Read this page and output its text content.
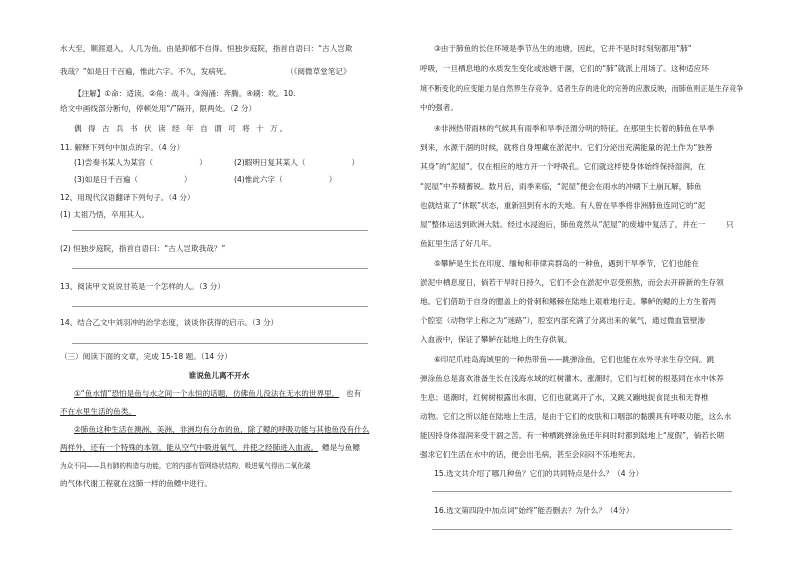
水大至，顺涯退入，人几为鱼。由是抑郁不自得。恒独步庭院，指首自语曰：“古人岂欺
我哉？”如是日千百遍，惟此六字。不久，发病死。	（《阅微草堂笔记》
【注解】①命：适读。②角：战斗。③洶涌：奔腾。④刷：吹。10.
给文中画线部分断句，停顿处用“/”隔开，限两处。（2 分）
偶 得 古 兵 书 伏 读 经 年 自 谓 可 将 十 万。
11. 解释下列句中加点的字。（4 分）
(1)尝奏书某人为某官（	）	(2)暇明日复其某人（	）
(3)如是日千百遍（	）	(4)惟此六字（	）
12、用现代汉语翻译下列句子。（4 分）
(1) 太祖乃悟，卒用其人。
(2) 恒独步庭院，指首自语曰：“古人岂欺我哉？”
13、阅读甲文说说甘英是一个怎样的人。（3 分）
14、结合乙文中刘羽冲的治学态度，谈谈你获得的启示。（3 分）
（三）阅读下面的文章，完成 15-18 题。（14 分）
谁说鱼儿离不开水
①“鱼水情”恐怕是鱼与水之间一个永恒的话题，仿佛鱼儿没法在无水的世界里， 也有
不在水里生活的鱼类。
②肺鱼这种生活在澳洲、美洲、非洲均有分布的鱼，除了鳃的呼吸功能与其他鱼没有什么
两样外，还有一个特殊的本领，能从空气中吸进氧气，并使之经肺进入血液。 鳔是与鱼鳔
为众不同——具有肺的构造与功能，它的内部有管网络状结构，吸进氧气得出二氧化碳
的气体代谢工程就在这肺一样的鱼鳔中进行。
③由于肺鱼的长住环境是季节丛生的池塘，因此，它并不是时时刻刻都用“肺”
呼吸，一旦栖息地的水质发生变化或池塘干涸，它们的“肺”就派上用场了。这种适应环
境不断变化的应变能力是自然界生存竞争、适者生存的进化的完善的应激反映，而肺鱼则正是生存竞争
中的强者。
④非洲热带雨林的气候具有雨季和旱季泾渭分明的特征。在那里生长着的肺鱼在旱季
到来，水源干涸的时候，就将自身埋藏在淤泥中。它们分泌出充满能量的泥土作为“独善
其身”的“泥屋”，仅在相应的地方开一个呼吸孔。它们就这样使身体始终保持湿润，在
“泥屋”中养精蓄锐。数月后，雨季来临，“泥屋”便会在雨水的冲刷下土崩瓦解，肺鱼
也就结束了“休眠”状态，重新回到有水的天地。有人曾在旱季将非洲肺鱼连同它的“泥
屋”整体运送到欧洲大陆。经过水浸泡后，肺鱼竟然从“泥屋”的废墟中复活了，并在一	只
鱼缸里生活了好几年。
⑤攀鲈是生长在印度、缅甸和菲律宾群岛的一种鱼，遇到干旱季节，它们也能在
淤泥中栖息度日，倘若干旱时日持久，它们不会在淤泥中忍受煎熬，而会去开辟新的生存领
地。它们借助于自身的腮盖上的骨刺和鳍棘在陆地上艰难地行走。攀鲈的鳃的上方生着两
个腔室（动物学上称之为“迷路”），腔室内部充满了分离出来的氧气，通过微血管壁渗
入血液中，保证了攀鲈在陆地上的生存供氧。
⑥印尼爪哇岛海域里的一种热带鱼——跳弹涂鱼，它们也能在水外寻求生存空间。跳
弹涂鱼总是喜欢准备生长在浅海水域的红树灌木。涨潮时，它们与红树的根基同在水中休养
生息；退潮时，红树树根露出水面，它们也就离开了水，又跳又蹦地捉食昆虫和无脊椎
动物。它们之所以能在陆地上生活，是由于它们的皮肤和口咽部的黏膜具有呼吸功能，这么水
能因持身体湿润来受干涸之苦。有一种栖跳弹涂鱼还年间时时都到陆地上“度假”，倘若长期
强求它们生活在水中的话，便会出毛病，甚至会闷闷不乐地死去。
15.选文共介绍了哪几种鱼？它们的共同特点是什么？（4 分）
16.选文第四段中加点词“始终”能否删去？为什么？（4分）
